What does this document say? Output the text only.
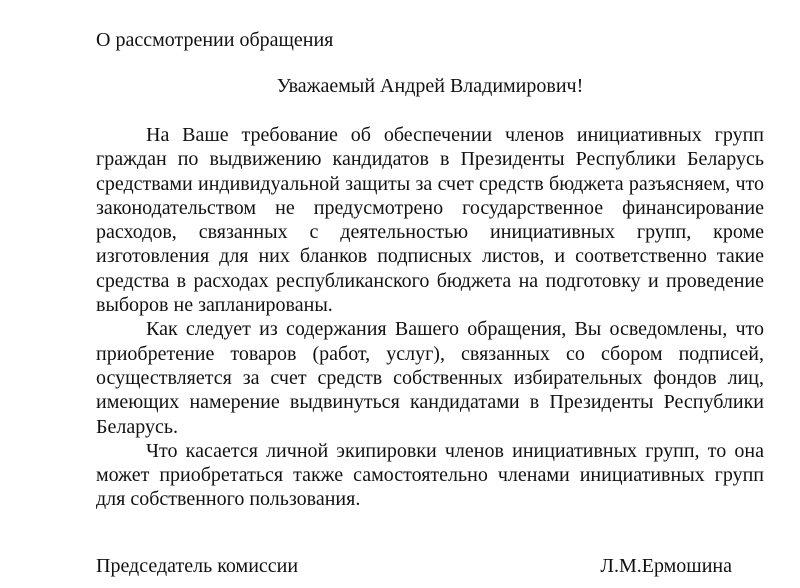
О рассмотрении обращения
Уважаемый Андрей Владимирович!

На Ваше требование об обеспечении членов инициативных групп граждан по выдвижению кандидатов в Президенты Республики Беларусь средствами индивидуальной защиты за счет средств бюджета разъясняем, что законодательством не предусмотрено государственное финансирование расходов, связанных с деятельностью инициативных групп, кроме изготовления для них бланков подписных листов, и соответственно такие средства в расходах республиканского бюджета на подготовку и проведение выборов не запланированы.

Как следует из содержания Вашего обращения, Вы осведомлены, что приобретение товаров (работ, услуг), связанных со сбором подписей, осуществляется за счет средств собственных избирательных фондов лиц, имеющих намерение выдвинуться кандидатами в Президенты Республики Беларусь.

Что касается личной экипировки членов инициативных групп, то она может приобретаться также самостоятельно членами инициативных групп для собственного пользования.

Председатель комиссии	Л.М.Ермошина
